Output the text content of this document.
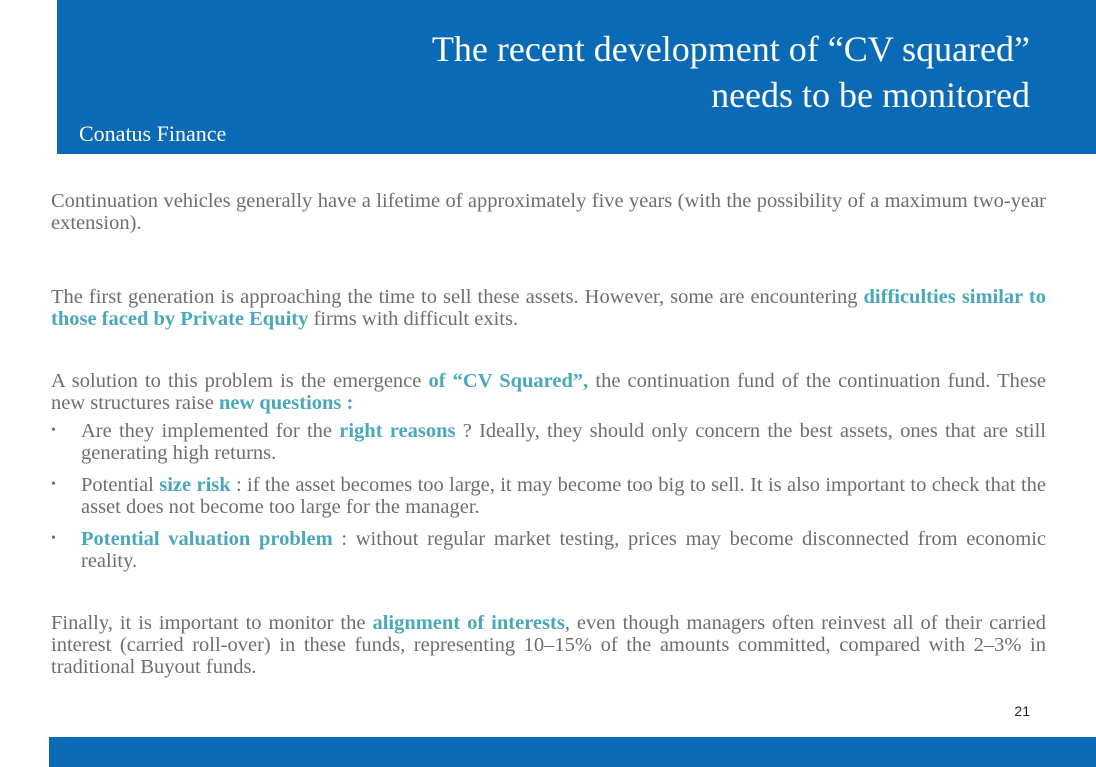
The recent development of “CV squared” needs to be monitored
Conatus Finance

Continuation vehicles generally have a lifetime of approximately five years (with the possibility of a maximum two-year extension).

The first generation is approaching the time to sell these assets. However, some are encountering difficulties similar to those faced by Private Equity firms with difficult exits.

A solution to this problem is the emergence of “CV Squared”, the continuation fund of the continuation fund. These new structures raise new questions :

• Are they implemented for the right reasons ? Ideally, they should only concern the best assets, ones that are still generating high returns.
• Potential size risk : if the asset becomes too large, it may become too big to sell. It is also important to check that the asset does not become too large for the manager.
• Potential valuation problem : without regular market testing, prices may become disconnected from economic reality.

Finally, it is important to monitor the alignment of interests, even though managers often reinvest all of their carried interest (carried roll-over) in these funds, representing 10–15% of the amounts committed, compared with 2–3% in traditional Buyout funds.

21
